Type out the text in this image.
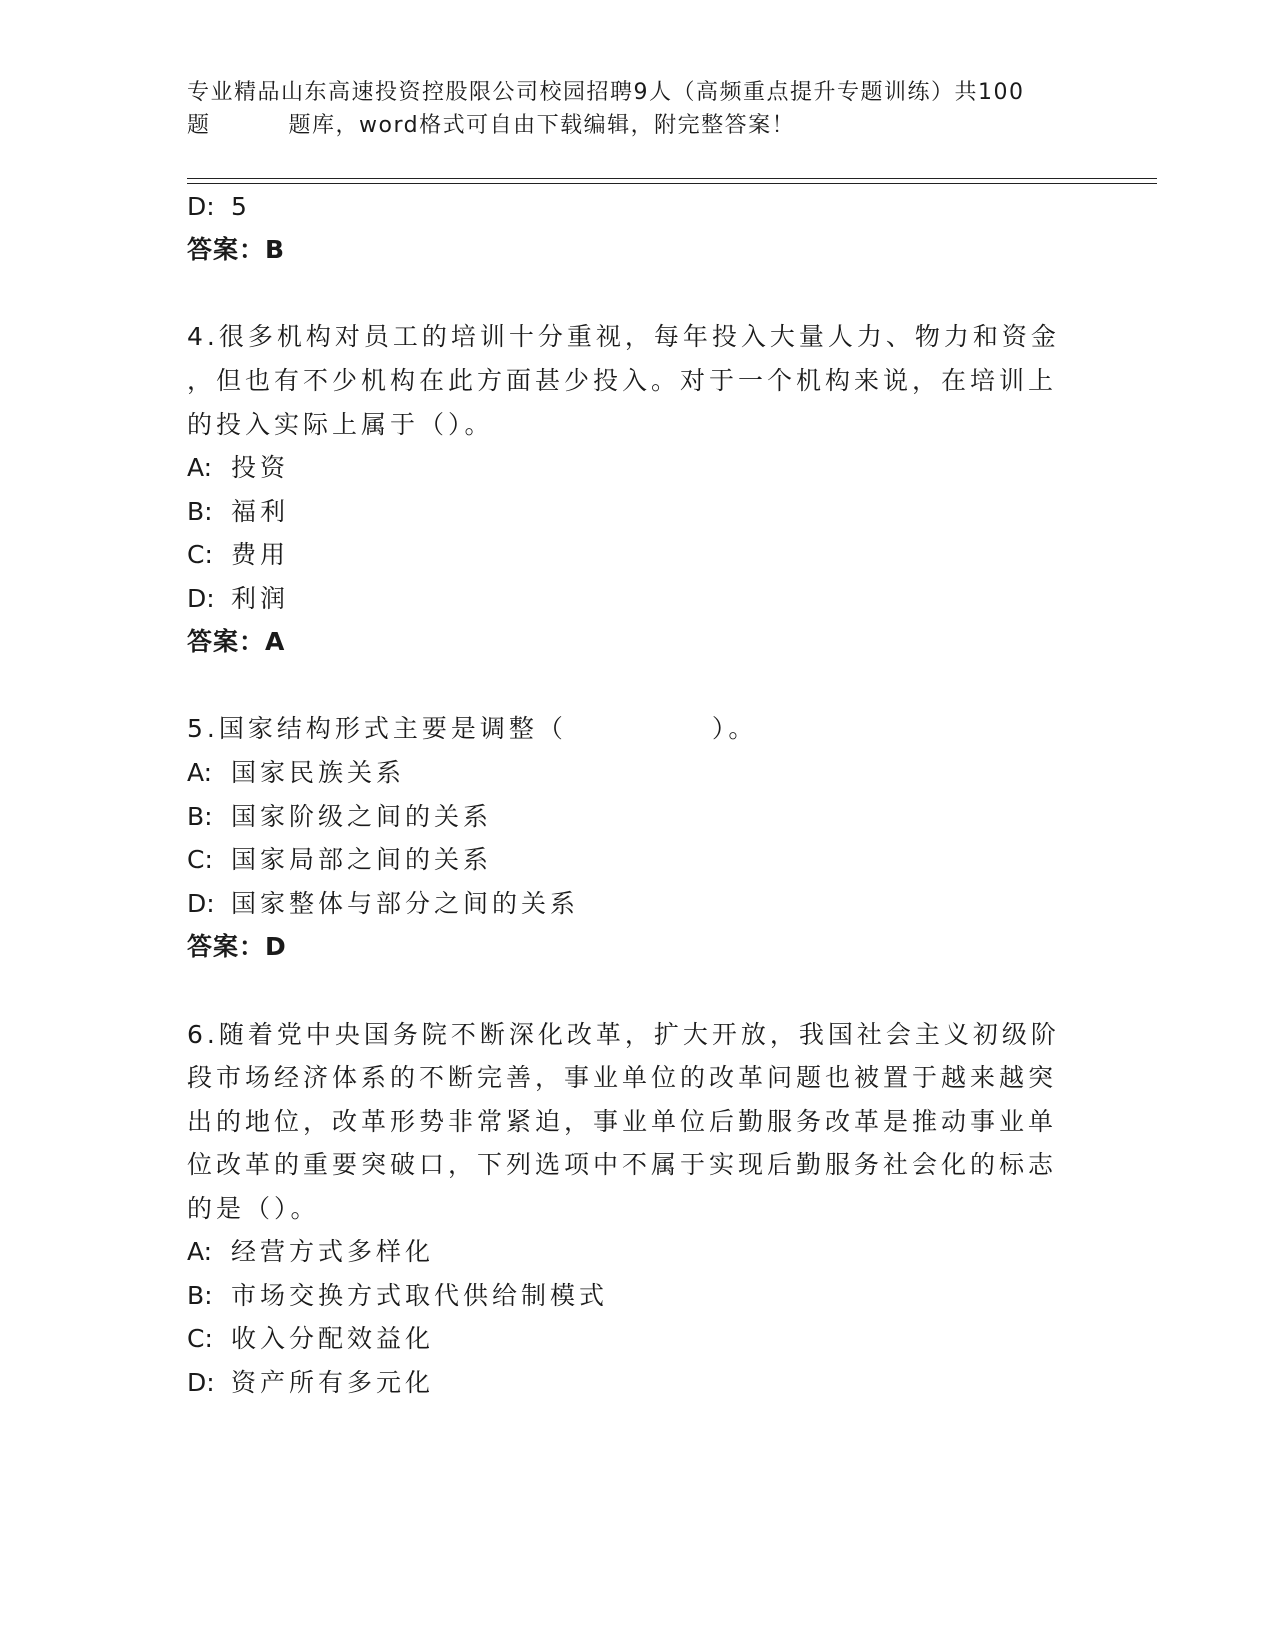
专业精品山东高速投资控股限公司校园招聘9人（高频重点提升专题训练）共100
题	题库，word格式可自由下载编辑，附完整答案！
D: 5
答案：B
4.很多机构对员工的培训十分重视，每年投入大量人力、物力和资金
，但也有不少机构在此方面甚少投入。对于一个机构来说，在培训上
的投入实际上属于（）。
A: 投资
B: 福利
C: 费用
D: 利润
答案：A
5.国家结构形式主要是调整（　　　　　）。
A: 国家民族关系
B: 国家阶级之间的关系
C: 国家局部之间的关系
D: 国家整体与部分之间的关系
答案：D
6.随着党中央国务院不断深化改革，扩大开放，我国社会主义初级阶
段市场经济体系的不断完善，事业单位的改革问题也被置于越来越突
出的地位，改革形势非常紧迫，事业单位后勤服务改革是推动事业单
位改革的重要突破口，下列选项中不属于实现后勤服务社会化的标志
的是（）。
A: 经营方式多样化
B: 市场交换方式取代供给制模式
C: 收入分配效益化
D: 资产所有多元化
